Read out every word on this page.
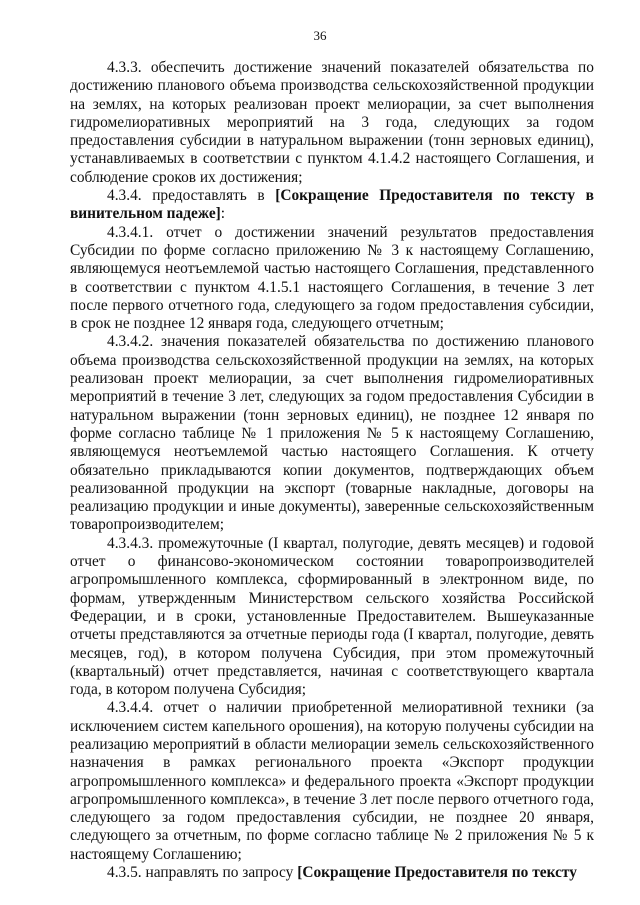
36

4.3.3. обеспечить достижение значений показателей обязательства по достижению планового объема производства сельскохозяйственной продукции на землях, на которых реализован проект мелиорации, за счет выполнения гидромелиоративных мероприятий на 3 года, следующих за годом предоставления субсидии в натуральном выражении (тонн зерновых единиц), устанавливаемых в соответствии с пунктом 4.1.4.2 настоящего Соглашения, и соблюдение сроков их достижения;

4.3.4. предоставлять в [Сокращение Предоставителя по тексту в винительном падеже]:

4.3.4.1. отчет о достижении значений результатов предоставления Субсидии по форме согласно приложению № 3 к настоящему Соглашению, являющемуся неотъемлемой частью настоящего Соглашения, представленного в соответствии с пунктом 4.1.5.1 настоящего Соглашения, в течение 3 лет после первого отчетного года, следующего за годом предоставления субсидии, в срок не позднее 12 января года, следующего отчетным;

4.3.4.2. значения показателей обязательства по достижению планового объема производства сельскохозяйственной продукции на землях, на которых реализован проект мелиорации, за счет выполнения гидромелиоративных мероприятий в течение 3 лет, следующих за годом предоставления Субсидии в натуральном выражении (тонн зерновых единиц), не позднее 12 января по форме согласно таблице № 1 приложения № 5 к настоящему Соглашению, являющемуся неотъемлемой частью настоящего Соглашения. К отчету обязательно прикладываются копии документов, подтверждающих объем реализованной продукции на экспорт (товарные накладные, договоры на реализацию продукции и иные документы), заверенные сельскохозяйственным товаропроизводителем;

4.3.4.3. промежуточные (I квартал, полугодие, девять месяцев) и годовой отчет о финансово-экономическом состоянии товаропроизводителей агропромышленного комплекса, сформированный в электронном виде, по формам, утвержденным Министерством сельского хозяйства Российской Федерации, и в сроки, установленные Предоставителем. Вышеуказанные отчеты представляются за отчетные периоды года (I квартал, полугодие, девять месяцев, год), в котором получена Субсидия, при этом промежуточный (квартальный) отчет представляется, начиная с соответствующего квартала года, в котором получена Субсидия;

4.3.4.4. отчет о наличии приобретенной мелиоративной техники (за исключением систем капельного орошения), на которую получены субсидии на реализацию мероприятий в области мелиорации земель сельскохозяйственного назначения в рамках регионального проекта «Экспорт продукции агропромышленного комплекса» и федерального проекта «Экспорт продукции агропромышленного комплекса», в течение 3 лет после первого отчетного года, следующего за годом предоставления субсидии, не позднее 20 января, следующего за отчетным, по форме согласно таблице № 2 приложения № 5 к настоящему Соглашению;

4.3.5. направлять по запросу [Сокращение Предоставителя по тексту
